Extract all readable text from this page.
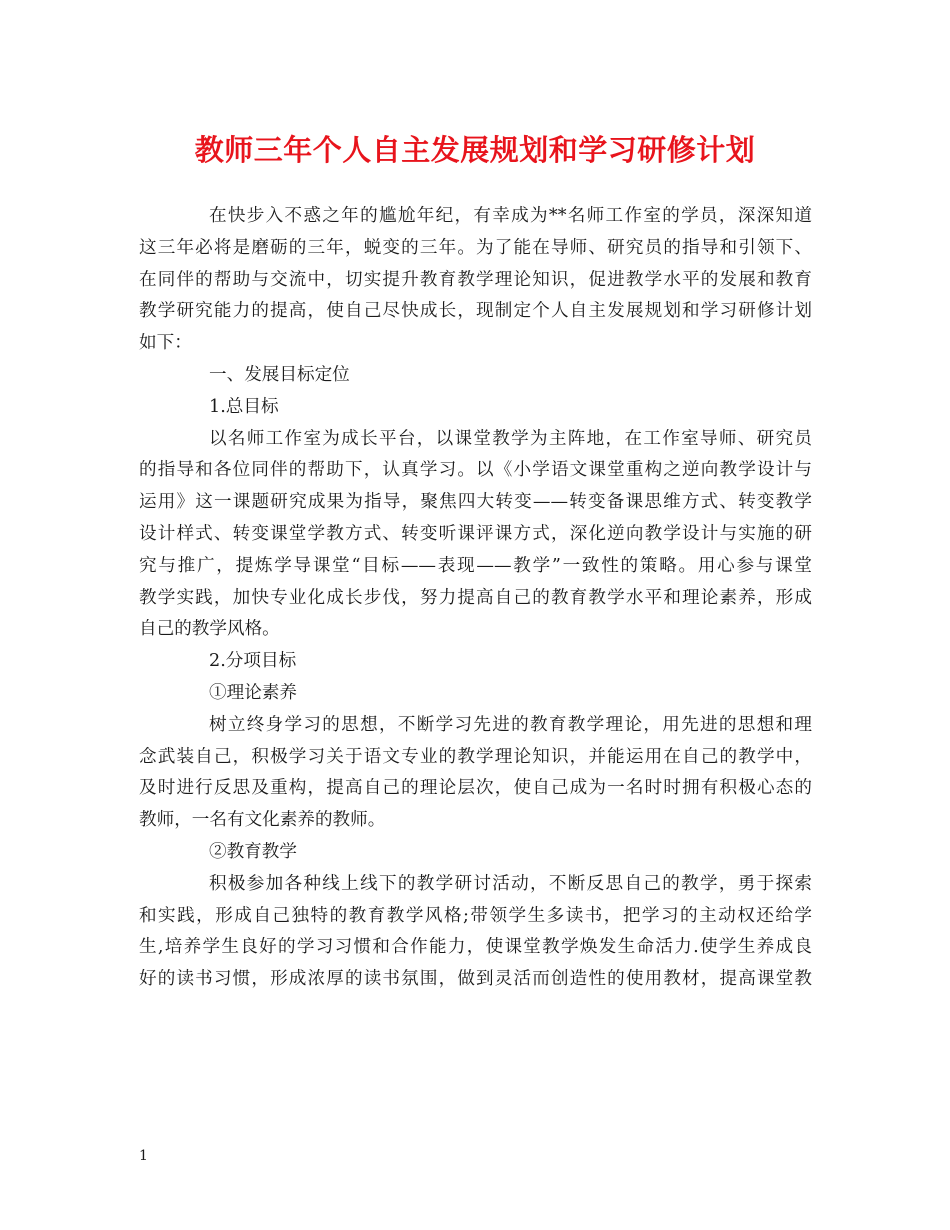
教师三年个人自主发展规划和学习研修计划
在快步入不惑之年的尴尬年纪，有幸成为**名师工作室的学员，深深知道
这三年必将是磨砺的三年，蜕变的三年。为了能在导师、研究员的指导和引领下、
在同伴的帮助与交流中，切实提升教育教学理论知识，促进教学水平的发展和教育
教学研究能力的提高，使自己尽快成长，现制定个人自主发展规划和学习研修计划
如下：
一、发展目标定位
1.总目标
以名师工作室为成长平台，以课堂教学为主阵地，在工作室导师、研究员
的指导和各位同伴的帮助下，认真学习。以《小学语文课堂重构之逆向教学设计与
运用》这一课题研究成果为指导，聚焦四大转变——转变备课思维方式、转变教学
设计样式、转变课堂学教方式、转变听课评课方式，深化逆向教学设计与实施的研
究与推广，提炼学导课堂“目标——表现——教学”一致性的策略。用心参与课堂
教学实践，加快专业化成长步伐，努力提高自己的教育教学水平和理论素养，形成
自己的教学风格。
2.分项目标
①理论素养
树立终身学习的思想，不断学习先进的教育教学理论，用先进的思想和理
念武装自己，积极学习关于语文专业的教学理论知识，并能运用在自己的教学中，
及时进行反思及重构，提高自己的理论层次，使自己成为一名时时拥有积极心态的
教师，一名有文化素养的教师。
②教育教学
积极参加各种线上线下的教学研讨活动，不断反思自己的教学，勇于探索
和实践，形成自己独特的教育教学风格;带领学生多读书，把学习的主动权还给学
生,培养学生良好的学习习惯和合作能力，使课堂教学焕发生命活力.使学生养成良
好的读书习惯，形成浓厚的读书氛围，做到灵活而创造性的使用教材，提高课堂教
1
